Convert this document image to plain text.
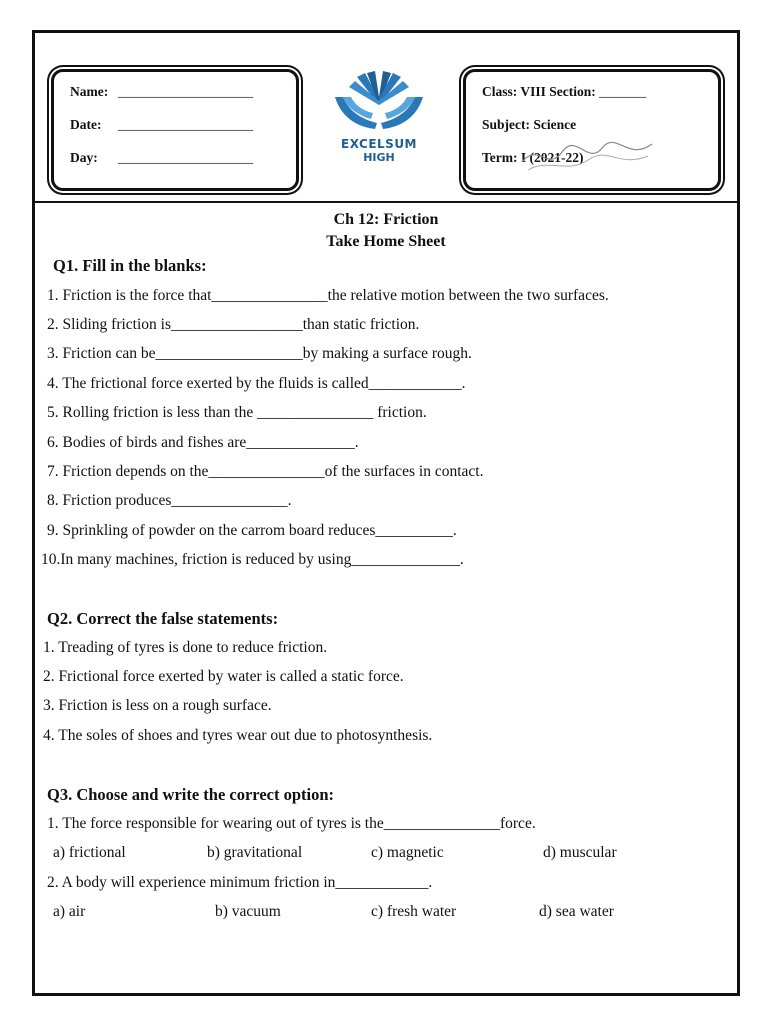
Name: ____________________
Date: ____________________
Day: ____________________
EXCELSUM
HIGH
Class: VIII Section: _______
Subject: Science
Term: I (2021-22)
Ch 12: Friction
Take Home Sheet
Q1. Fill in the blanks:
1. Friction is the force that_______________the relative motion between the two surfaces.
2. Sliding friction is_________________than static friction.
3. Friction can be___________________by making a surface rough.
4. The frictional force exerted by the fluids is called____________.
5. Rolling friction is less than the _______________ friction.
6. Bodies of birds and fishes are______________.
7. Friction depends on the_______________of the surfaces in contact.
8. Friction produces_______________.
9. Sprinkling of powder on the carrom board reduces__________.
10.In many machines, friction is reduced by using______________.
Q2. Correct the false statements:
1. Treading of tyres is done to reduce friction.
2. Frictional force exerted by water is called a static force.
3. Friction is less on a rough surface.
4. The soles of shoes and tyres wear out due to photosynthesis.
Q3. Choose and write the correct option:
1. The force responsible for wearing out of tyres is the_______________force.
a) frictional	b) gravitational	c) magnetic	d) muscular
2. A body will experience minimum friction in____________.
a) air	b) vacuum	c) fresh water	d) sea water
